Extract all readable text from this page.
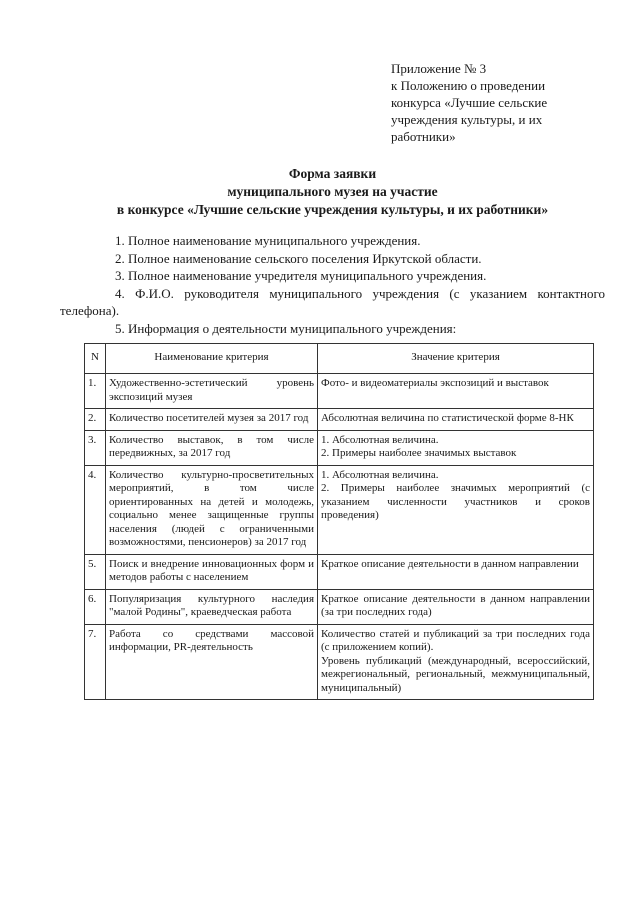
Приложение № 3
к Положению о проведении
конкурса «Лучшие сельские
учреждения культуры, и их
работники»
Форма заявки
муниципального музея на участие
в конкурсе «Лучшие сельские учреждения культуры, и их работники»
1. Полное наименование муниципального учреждения.
2. Полное наименование сельского поселения Иркутской области.
3. Полное наименование учредителя муниципального учреждения.
4. Ф.И.О. руководителя муниципального учреждения (с указанием контактного телефона).
5. Информация о деятельности муниципального учреждения:
N	Наименование критерия	Значение критерия
1.	Художественно-эстетический уровень экспозиций музея	Фото- и видеоматериалы экспозиций и выставок

2.	Количество посетителей музея за 2017 год	Абсолютная величина по статистической форме 8-НК

3.	Количество выставок, в том числе передвижных, за 2017 год	1. Абсолютная величина.
2. Примеры наиболее значимых выставок

4.	Количество культурно-просветительных мероприятий, в том числе ориентированных на детей и молодежь, социально менее защищенные группы населения (людей с ограниченными возможностями, пенсионеров) за 2017 год	1. Абсолютная величина.
2. Примеры наиболее значимых мероприятий (с указанием численности участников и сроков проведения)

5.	Поиск и внедрение инновационных форм и методов работы с населением	Краткое описание деятельности в данном направлении

6.	Популяризация культурного наследия "малой Родины", краеведческая работа	Краткое описание деятельности в данном направлении (за три последних года)

7.	Работа со средствами массовой информации, PR-деятельность	Количество статей и публикаций за три последних года (с приложением копий).
Уровень публикаций (международный, всероссийский, межрегиональный, региональный, межмуниципальный, муниципальный)
